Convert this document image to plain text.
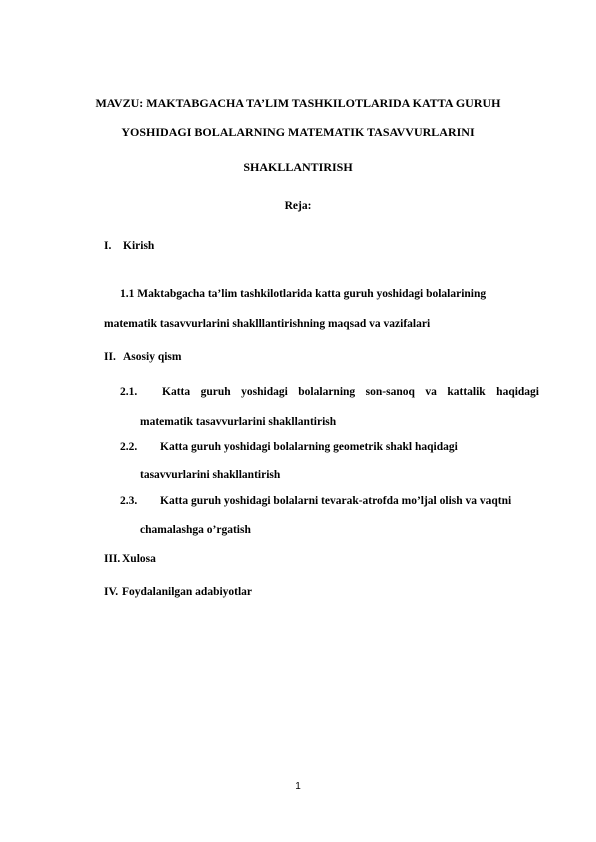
MAVZU: MAKTABGACHA TA’LIM TASHKILOTLARIDA KATTA GURUH
YOSHIDAGI BOLALARNING MATEMATIK TASAVVURLARINI
SHAKLLANTIRISH
Reja:
I. Kirish
1.1 Maktabgacha ta’lim tashkilotlarida katta guruh yoshidagi bolalarining
matematik tasavvurlarini shaklllantirishning maqsad va vazifalari
II. Asosiy qism
2.1. Katta guruh yoshidagi bolalarning son-sanoq va kattalik haqidagi
matematik tasavvurlarini shakllantirish
2.2. Katta guruh yoshidagi bolalarning geometrik shakl haqidagi
tasavvurlarini shakllantirish
2.3. Katta guruh yoshidagi bolalarni tevarak-atrofda mo’ljal olish va vaqtni
chamalashga o’rgatish
III. Xulosa
IV. Foydalanilgan adabiyotlar
1
